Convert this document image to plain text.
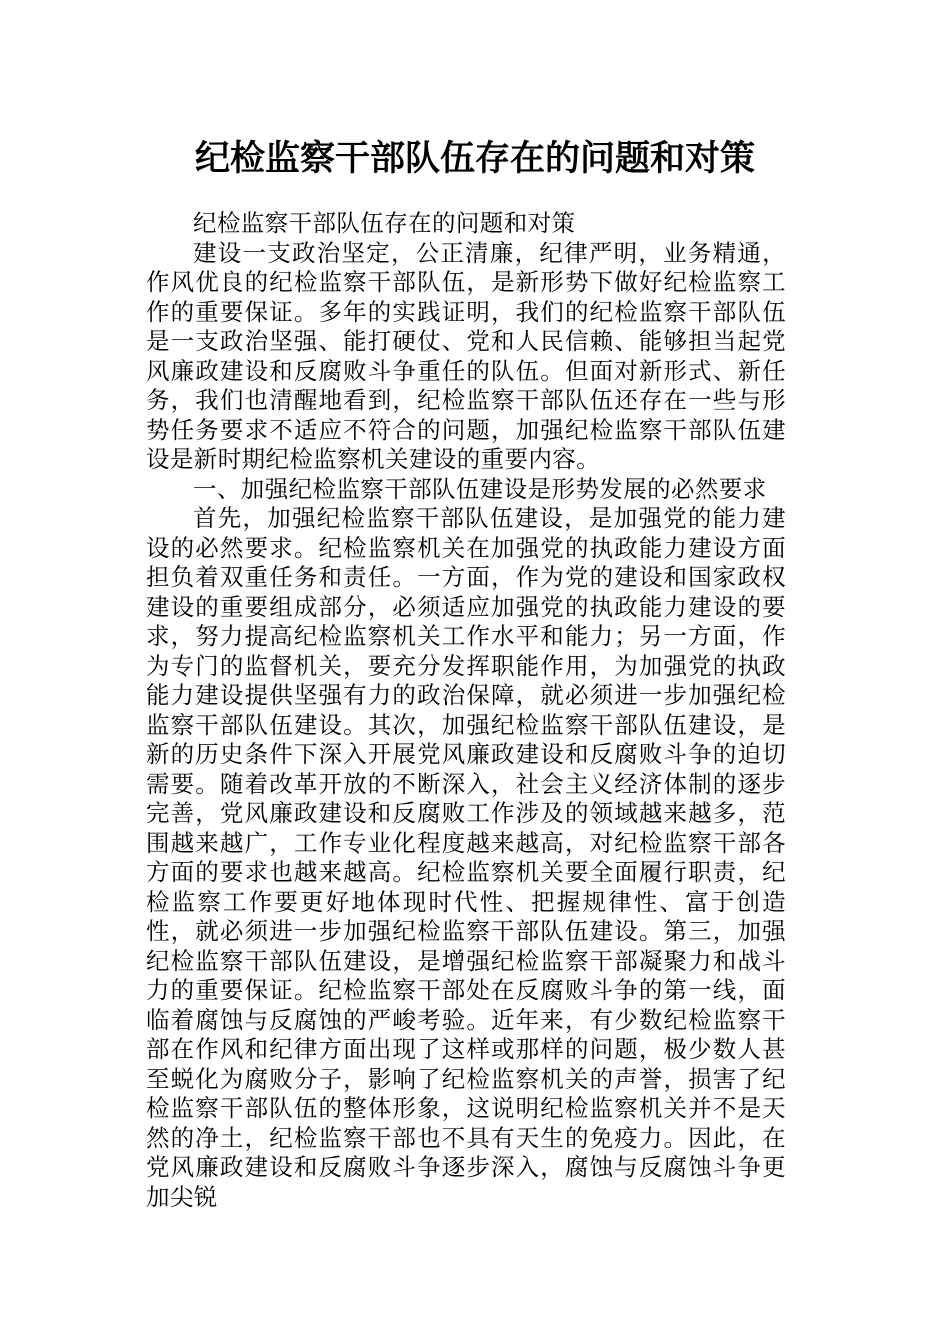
纪检监察干部队伍存在的问题和对策

纪检监察干部队伍存在的问题和对策

建设一支政治坚定，公正清廉，纪律严明，业务精通，作风优良的纪检监察干部队伍，是新形势下做好纪检监察工作的重要保证。多年的实践证明，我们的纪检监察干部队伍是一支政治坚强、能打硬仗、党和人民信赖、能够担当起党风廉政建设和反腐败斗争重任的队伍。但面对新形式、新任务，我们也清醒地看到，纪检监察干部队伍还存在一些与形势任务要求不适应不符合的问题，加强纪检监察干部队伍建设是新时期纪检监察机关建设的重要内容。

一、加强纪检监察干部队伍建设是形势发展的必然要求

首先，加强纪检监察干部队伍建设，是加强党的能力建设的必然要求。纪检监察机关在加强党的执政能力建设方面担负着双重任务和责任。一方面，作为党的建设和国家政权建设的重要组成部分，必须适应加强党的执政能力建设的要求，努力提高纪检监察机关工作水平和能力；另一方面，作为专门的监督机关，要充分发挥职能作用，为加强党的执政能力建设提供坚强有力的政治保障，就必须进一步加强纪检监察干部队伍建设。其次，加强纪检监察干部队伍建设，是新的历史条件下深入开展党风廉政建设和反腐败斗争的迫切需要。随着改革开放的不断深入，社会主义经济体制的逐步完善，党风廉政建设和反腐败工作涉及的领域越来越多，范围越来越广，工作专业化程度越来越高，对纪检监察干部各方面的要求也越来越高。纪检监察机关要全面履行职责，纪检监察工作要更好地体现时代性、把握规律性、富于创造性，就必须进一步加强纪检监察干部队伍建设。第三，加强纪检监察干部队伍建设，是增强纪检监察干部凝聚力和战斗力的重要保证。纪检监察干部处在反腐败斗争的第一线，面临着腐蚀与反腐蚀的严峻考验。近年来，有少数纪检监察干部在作风和纪律方面出现了这样或那样的问题，极少数人甚至蜕化为腐败分子，影响了纪检监察机关的声誉，损害了纪检监察干部队伍的整体形象，这说明纪检监察机关并不是天然的净土，纪检监察干部也不具有天生的免疫力。因此，在党风廉政建设和反腐败斗争逐步深入，腐蚀与反腐蚀斗争更加尖锐
